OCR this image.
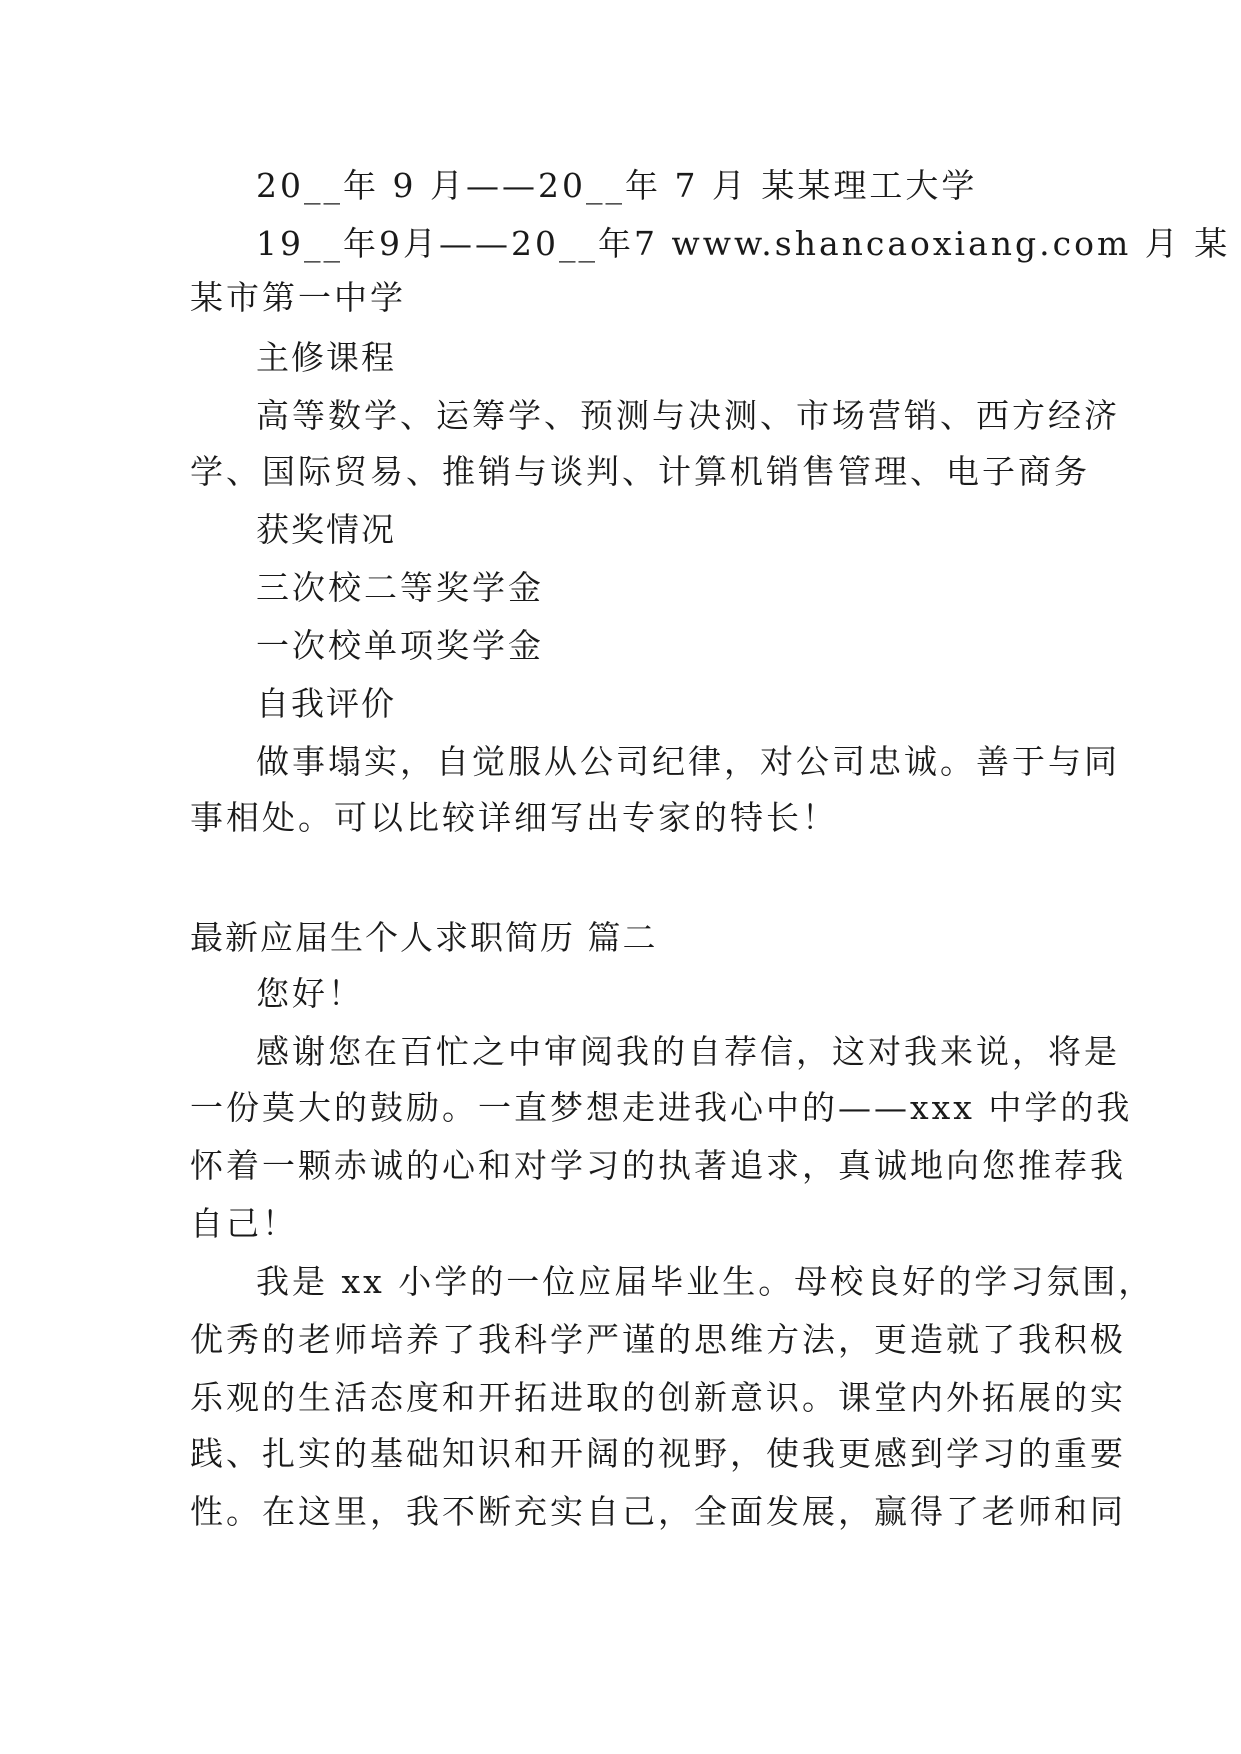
20__年 9 月——20__年 7 月 某某理工大学
19__年9月——20__年7 www.shancaoxiang.com 月 某
某市第一中学
主修课程
高等数学、运筹学、预测与决测、市场营销、西方经济
学、国际贸易、推销与谈判、计算机销售管理、电子商务
获奖情况
三次校二等奖学金
一次校单项奖学金
自我评价
做事塌实，自觉服从公司纪律，对公司忠诚。善于与同
事相处。可以比较详细写出专家的特长！
最新应届生个人求职简历 篇二
您好！
感谢您在百忙之中审阅我的自荐信，这对我来说，将是
一份莫大的鼓励。一直梦想走进我心中的——xxx 中学的我
怀着一颗赤诚的心和对学习的执著追求，真诚地向您推荐我
自己！
我是 xx 小学的一位应届毕业生。母校良好的学习氛围，
优秀的老师培养了我科学严谨的思维方法，更造就了我积极
乐观的生活态度和开拓进取的创新意识。课堂内外拓展的实
践、扎实的基础知识和开阔的视野，使我更感到学习的重要
性。在这里，我不断充实自己，全面发展，赢得了老师和同
